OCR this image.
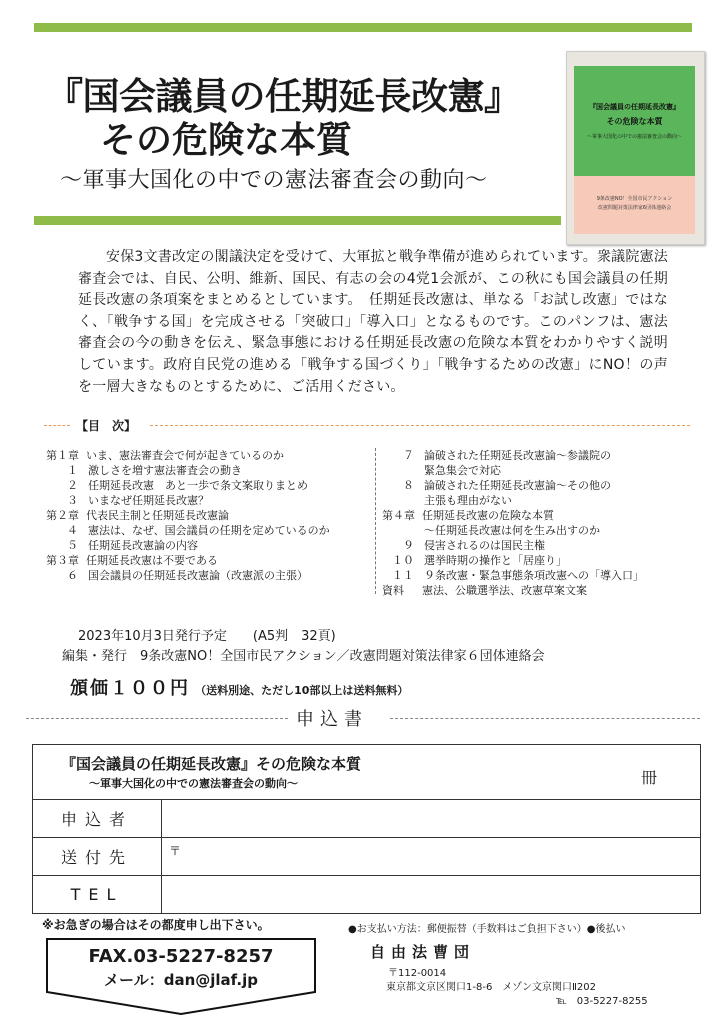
『国会議員の任期延長改憲』
その危険な本質
～軍事大国化の中での憲法審査会の動向～
『国会議員の任期延長改憲』
その危険な本質
～軍事大国化の中での憲法審査会の動向～
9条改憲NO！全国市民アクション
改憲問題対策法律家6団体連絡会
安保3文書改定の閣議決定を受けて、大軍拡と戦争準備が進められています。衆議院憲法審査会では、自民、公明、維新、国民、有志の会の4党1会派が、この秋にも国会議員の任期延長改憲の条項案をまとめるとしています。　任期延長改憲は、単なる「お試し改憲」ではなく、「戦争する国」を完成させる「突破口」「導入口」となるものです。このパンフは、憲法審査会の今の動きを伝え、緊急事態における任期延長改憲の危険な本質をわかりやすく説明しています。政府自民党の進める「戦争する国づくり」「戦争するための改憲」にNO！の声を一層大きなものとするために、ご活用ください。
【目　次】
第１章 いま、憲法審査会で何が起きているのか
１ 激しさを増す憲法審査会の動き
２ 任期延長改憲　あと一歩で条文案取りまとめ
３ いまなぜ任期延長改憲？
第２章 代表民主制と任期延長改憲論
４ 憲法は、なぜ、国会議員の任期を定めているのか
５ 任期延長改憲論の内容
第３章 任期延長改憲は不要である
６ 国会議員の任期延長改憲論（改憲派の主張）
７ 論破された任期延長改憲論～参議院の
緊急集会で対応
８ 論破された任期延長改憲論～その他の
主張も理由がない
第４章 任期延長改憲の危険な本質
～任期延長改憲は何を生み出すのか
９ 侵害されるのは国民主権
１０ 選挙時期の操作と「居座り」
１１ ９条改憲・緊急事態条項改憲への「導入口」
資料	憲法、公職選挙法、改憲草案文案
2023年10月3日発行予定　　(A5判　32頁)
編集・発行　9条改憲NO！全国市民アクション／改憲問題対策法律家６団体連絡会
頒価１００円 （送料別途、ただし10部以上は送料無料）
申込書
『国会議員の任期延長改憲』その危険な本質
～軍事大国化の中での憲法審査会の動向～	冊
申込者
送付先	〒
TEL
※お急ぎの場合はその都度申し出下さい。	●お支払い方法：郵便振替（手数料はご負担下さい）●後払い
FAX.03-5227-8257
メール：dan@jlaf.jp
自由法曹団
〒112-0014
東京都文京区関口1-8-6　メゾン文京関口Ⅱ202
℡　03-5227-8255
